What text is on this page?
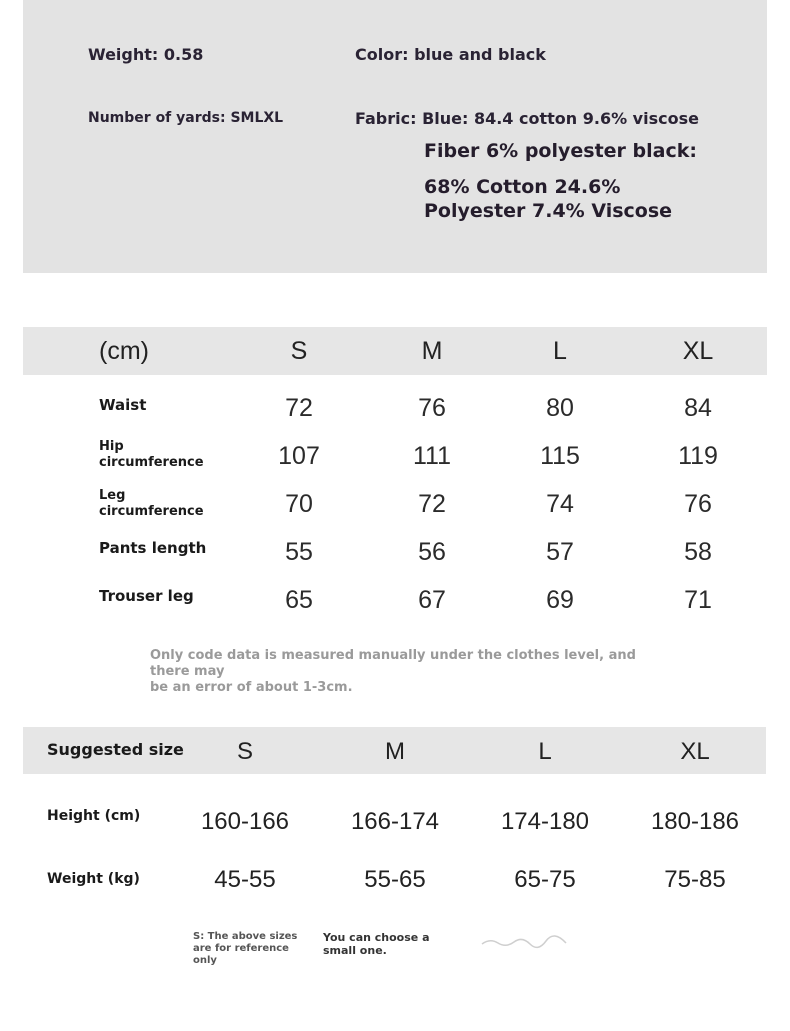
Weight: 0.58	Color: blue and black
Number of yards: SMLXL	Fabric: Blue: 84.4 cotton 9.6% viscose
Fiber 6% polyester black:
68% Cotton 24.6%
Polyester 7.4% Viscose
(cm)	S	M	L	XL
Waist	72	76	80	84
Hip
circumference	107	111	115	119
Leg
circumference	70	72	74	76
Pants length	55	56	57	58
Trouser leg	65	67	69	71
Only code data is measured manually under the clothes level, and there may
be an error of about 1-3cm.
Suggested size	S	M	L	XL
Height (cm)	160-166	166-174	174-180	180-186
Weight (kg)	45-55	55-65	65-75	75-85
S: The above sizes
are for reference
only
You can choose a
small one.
